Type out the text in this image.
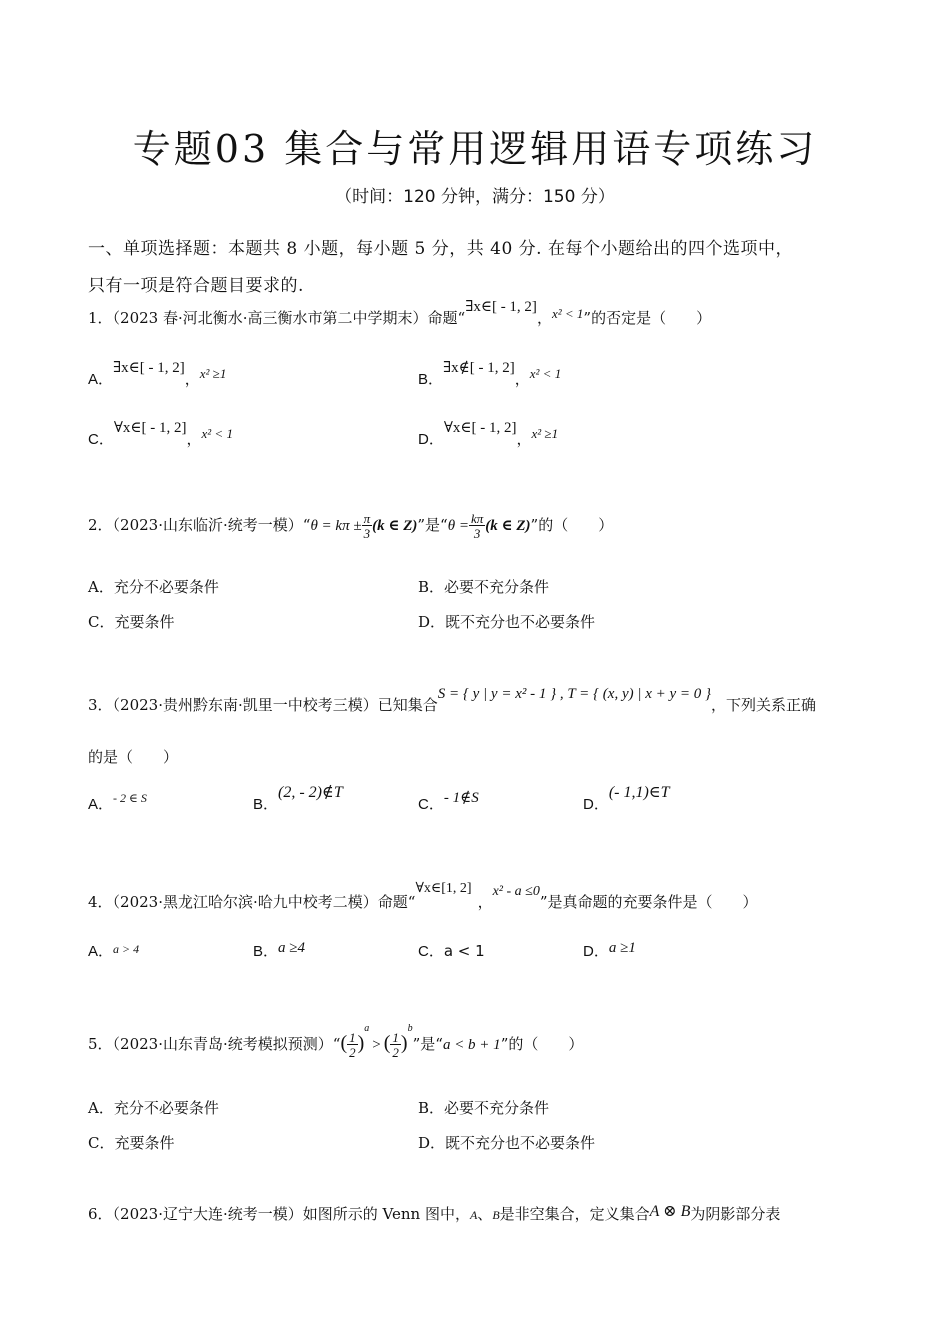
专题03 集合与常用逻辑用语专项练习
（时间：120 分钟，满分：150 分）
一、单项选择题：本题共 8 小题，每小题 5 分，共 40 分. 在每个小题给出的四个选项中，
只有一项是符合题目要求的.
1．（2023 春·河北衡水·高三衡水市第二中学期末）命题“∃x∈[ - 1, 2]，x² < 1”的否定是（　　）
A．∃x∈[ - 1, 2]，x² ≥1	B．∃x∉[ - 1, 2]，x² < 1
C．∀x∈[ - 1, 2]，x² < 1	D．∀x∈[ - 1, 2]，x² ≥1
2．（2023·山东临沂·统考一模）“θ = $k\pi \pm \frac{\pi}{3} (k$ ∈ Z)”是“$\theta = \frac{k\pi}{3} (k$ ∈ Z)”的（　　）
A．充分不必要条件	B．必要不充分条件
C．充要条件	D．既不充分也不必要条件
3．（2023·贵州黔东南·凯里一中校考三模）已知集合S = { y | y = x² - 1 } , T = { (x, y) | x + y = 0 }，下列关系正确
的是（　　）
A．$^{- 2 \in S}$	B．(2, - 2)∉T
C．- 1∉S	D．(- 1,1)∈T
4．（2023·黑龙江哈尔滨·哈九中校考二模）命题“∀x∈[1, 2]，x² - a ≤0”是真命题的充要条件是（　　）
A．$^{a > 4}$	B．a ≥4	C．a < 1	D．a ≥1
5．（2023·山东青岛·统考模拟预测）“( $\frac{1}{2} )^a>$ ( $\frac{1}{2} )^b$”是“a < b + 1”的（　　）
A．充分不必要条件	B．必要不充分条件
C．充要条件	D．既不充分也不必要条件
6．（2023·辽宁大连·统考一模）如图所示的 Venn 图中，A、B是非空集合，定义集合A ⊗ B为阴影部分表
